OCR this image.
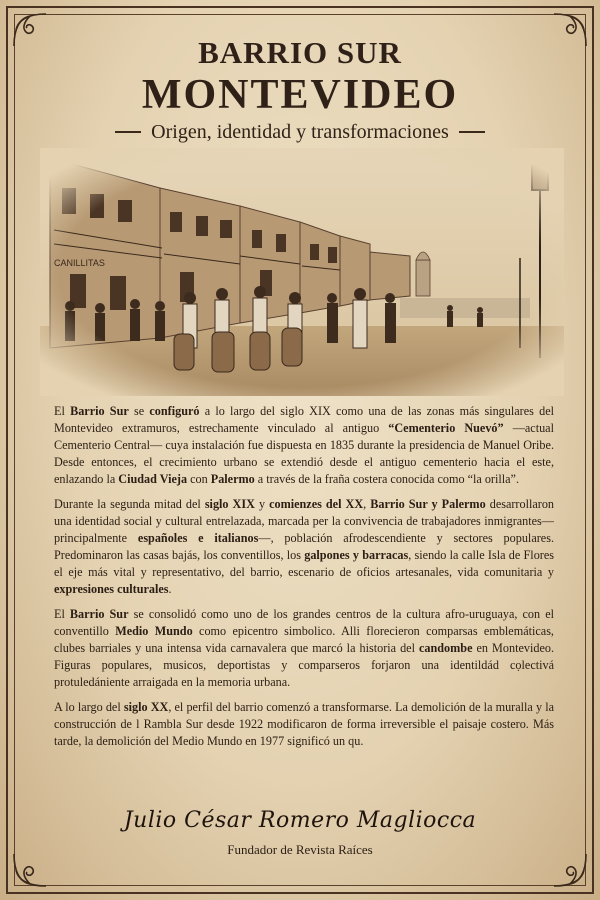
BARRIO SUR
MONTEVIDEO
Origen, identidad y transformaciones

El Barrio Sur se configuró a lo largo del siglo XIX como una de las zonas más singulares del Montevideo extramuros, estrechamente vinculado al antiguo “Cementerio Nuevó” —actual Cementerio Central— cuya instalación fue dispuesta en 1835 durante la presidencia de Manuel Oribe. Desde entonces, el crecimiento urbano se extendió desde el antiguo cementerio hacia el este, enlazando la Ciudad Vieja con Palermo a través de la fraña costera conocida como “la orilla”.

Durante la segunda mitad del siglo XIX y comienzes del XX, Barrio Sur y Palermo desarrollaron una identidad social y cultural entrelazada, marcada per la convivencia de trabajadores inmigrantes—principalmente españoles e italianos—, población afrodescendiente y sectores populares. Predominaron las casas bajás, los conventillos, los galpones y barracas, siendo la calle Isla de Flores el eje más vital y representativo, del barrio, escenario de oficios artesanales, vida comunitaria y expresiones culturales.

El Barrio Sur se consolidó como uno de los grandes centros de la cultura afro-uruguaya, con el conventillo Medio Mundo como epicentro simbolico. Alli florecieron comparsas emblemáticas, clubes barriales y una intensa vida carnavalera que marcó la historia del candombe en Montevideo. Figuras populares, musicos, deportistas y comparseros forjaron una identildád cọlectivá protuledániente arraigada en la memoria urbana.

A lo largo del siglo XX, el perfil del barrio comenzó a transformarse. La demolición de la muralla y la construcción de l Rambla Sur desde 1922 modificaron de forma irreversible el paisaje costero. Más tarde, la demolición del Medio Mundo en 1977 significó un qu.

Julio César Romero Magliocca
Fundador de Revista Raíces
